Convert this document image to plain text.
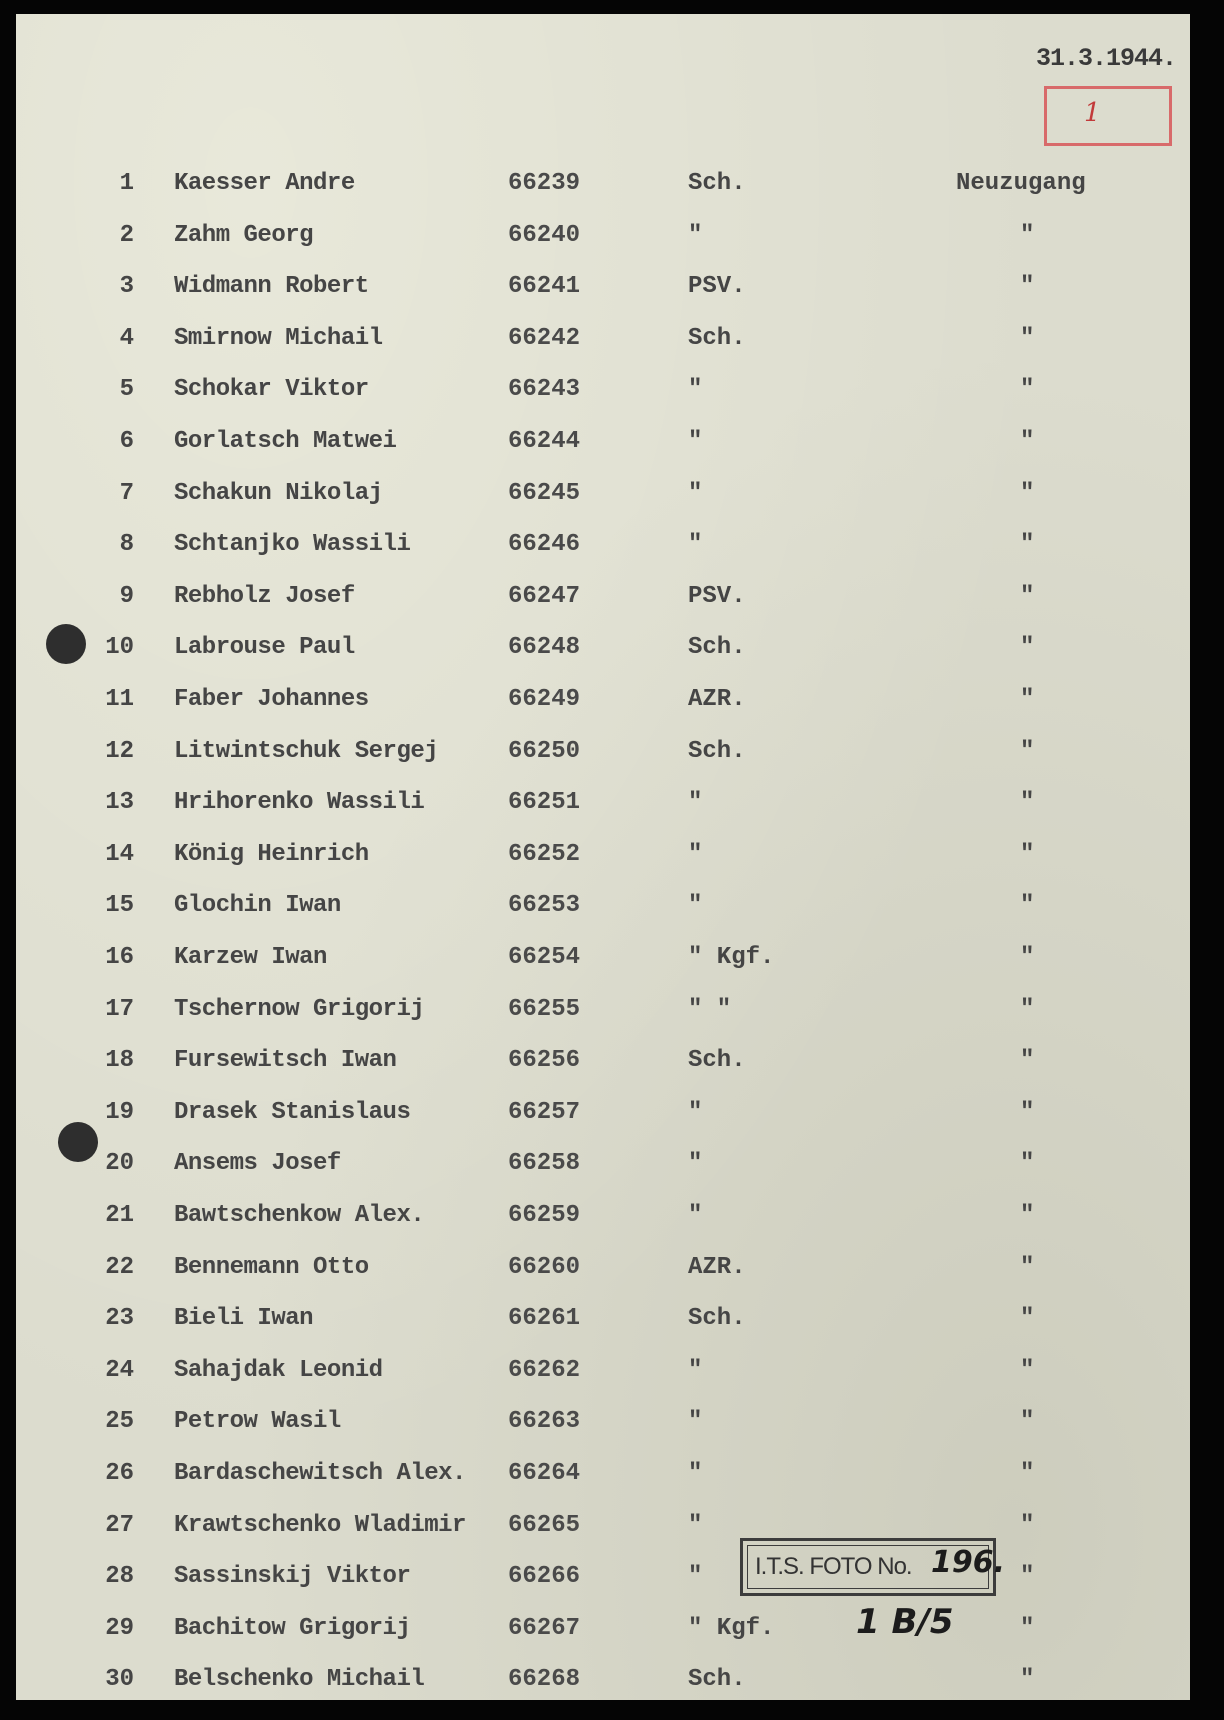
31.3.1944.
1
1 Kaesser Andre	66239	Sch.	Neuzugang
2 Zahm Georg	66240	"	"
3 Widmann Robert	66241	PSV.	"
4 Smirnow Michail	66242	Sch.	"
5 Schokar Viktor	66243	"	"
6 Gorlatsch Matwei	66244	"	"
7 Schakun Nikolaj	66245	"	"
8 Schtanjko Wassili	66246	"	"
9 Rebholz Josef	66247	PSV.	"
10 Labrouse Paul	66248	Sch.	"
11 Faber Johannes	66249	AZR.	"
12 Litwintschuk Sergej	66250	Sch.	"
13 Hrihorenko Wassili	66251	"	"
14 König Heinrich	66252	"	"
15 Glochin Iwan	66253	"	"
16 Karzew Iwan	66254	" Kgf.	"
17 Tschernow Grigorij	66255	" "	"
18 Fursewitsch Iwan	66256	Sch.	"
19 Drasek Stanislaus	66257	"	"
20 Ansems Josef	66258	"	"
21 Bawtschenkow Alex.	66259	"	"
22 Bennemann Otto	66260	AZR.	"
23 Bieli Iwan	66261	Sch.	"
24 Sahajdak Leonid	66262	"	"
25 Petrow Wasil	66263	"	"
26 Bardaschewitsch Alex. 66264	"	"
27 Krawtschenko Wladimir 66265	"	"
28 Sassinskij Viktor	66266	"	"
29 Bachitow Grigorij	66267	" Kgf.	"
30 Belschenko Michail	66268	Sch.	"
I.T.S. FOTO No. 196.
1 B/5
